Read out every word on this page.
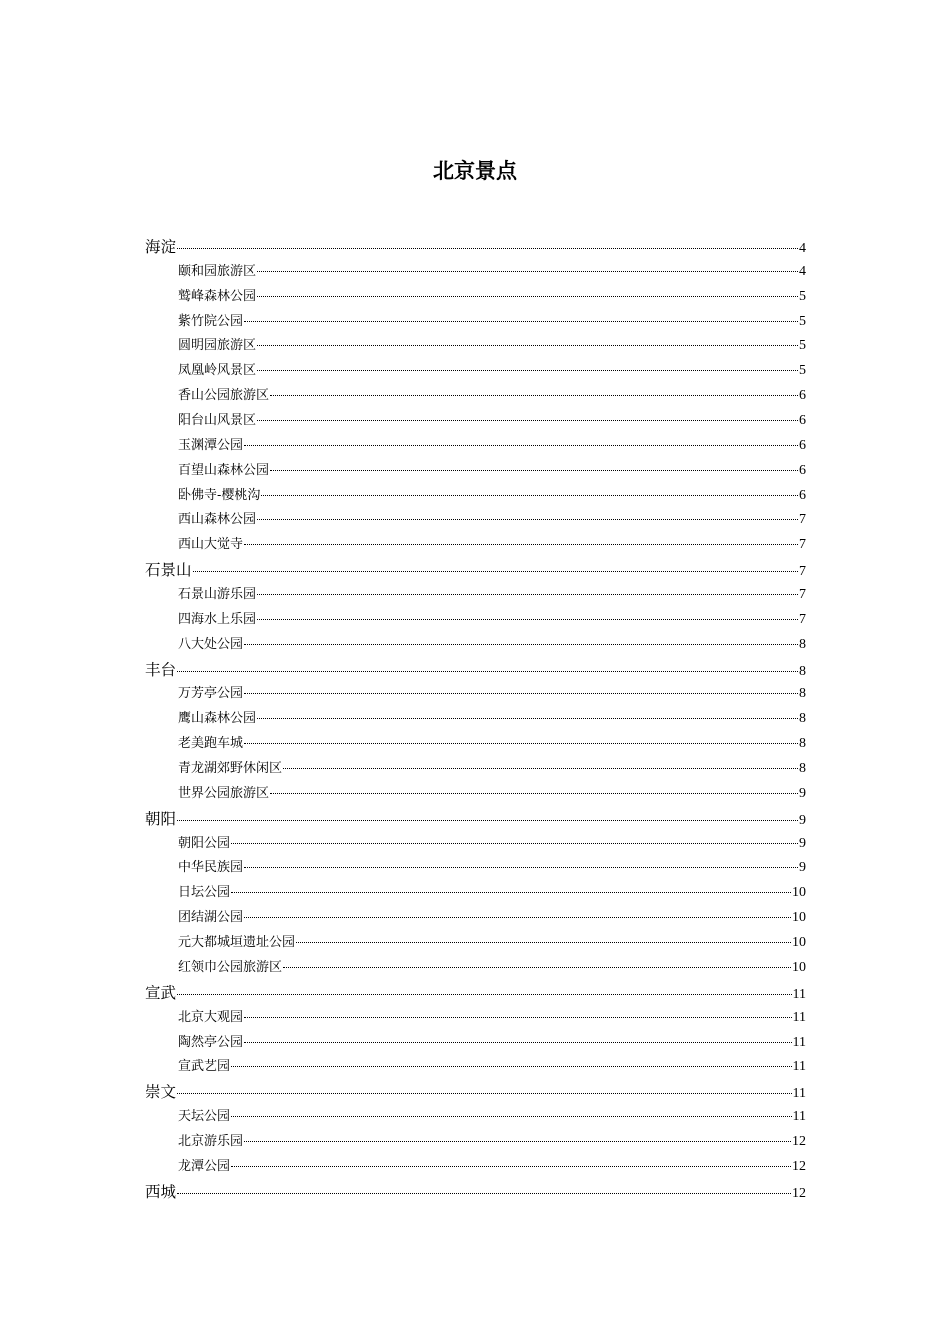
北京景点
海淀	4
颐和园旅游区	4
鹫峰森林公园	5
紫竹院公园	5
圆明园旅游区	5
凤凰岭风景区	5
香山公园旅游区	6
阳台山风景区	6
玉渊潭公园	6
百望山森林公园	6
卧佛寺-樱桃沟	6
西山森林公园	7
西山大觉寺	7
石景山	7
石景山游乐园	7
四海水上乐园	7
八大处公园	8
丰台	8
万芳亭公园	8
鹰山森林公园	8
老美跑车城	8
青龙湖郊野休闲区	8
世界公园旅游区	9
朝阳	9
朝阳公园	9
中华民族园	9
日坛公园	10
团结湖公园	10
元大都城垣遗址公园	10
红领巾公园旅游区	10
宣武	11
北京大观园	11
陶然亭公园	11
宣武艺园	11
崇文	11
天坛公园	11
北京游乐园	12
龙潭公园	12
西城	12
